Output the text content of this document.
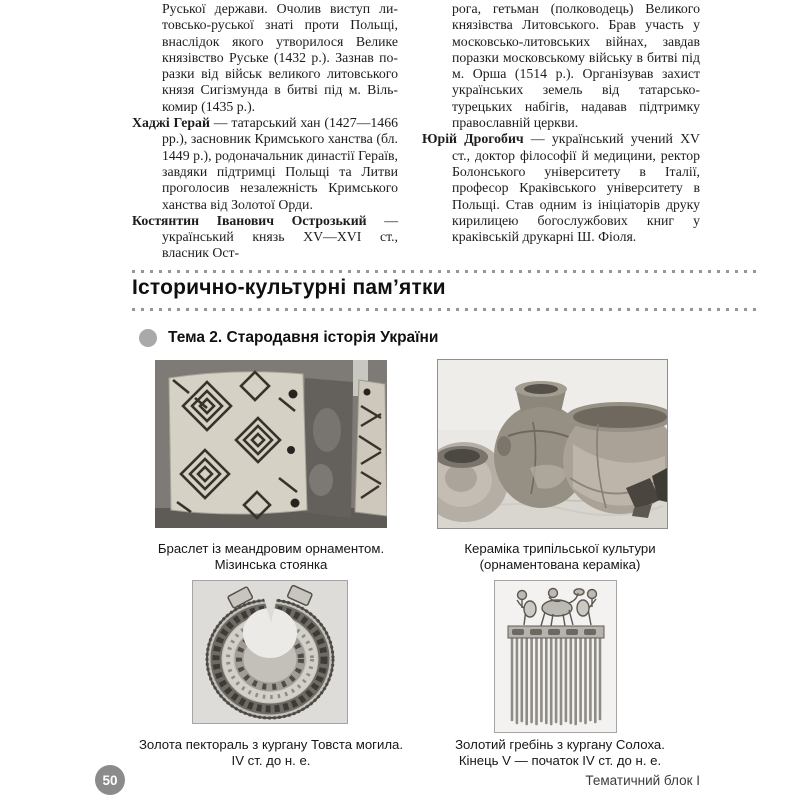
Руської держави. Очолив виступ литовсько-руської знаті проти Польщі, внаслідок якого утворилося Велике князівство Руське (1432 р.). Зазнав поразки від військ великого литовського князя Сигізмунда в битві під м. Вількомир (1435 р.).

Хаджі Герай — татарський хан (1427—1466 рр.), засновник Кримського ханства (бл. 1449 р.), родоначальник династії Гераїв, завдяки підтримці Польщі та Литви проголосив незалежність Кримського ханства від Золотої Орди.

Костянтин Іванович Острозький — український князь XV—XVI ст., власник Ост-

рога, гетьман (полководець) Великого князівства Литовського. Брав участь у московсько-литовських війнах, завдав поразки московському війську в битві під м. Орша (1514 р.). Організував захист українських земель від татарсько-турецьких набігів, надавав підтримку православній церкви.

Юрій Дрогобич — український учений XV ст., доктор філософії й медицини, ректор Болонського університету в Італії, професор Краківського університету в Польщі. Став одним із ініціаторів друку кирилицею богослужбових книг у краківській друкарні Ш. Фіоля.

Історично-культурні пам’ятки
Тема 2. Стародавня історія України
Браслет із меандровим орнаментом.
Мізинська стоянка
Кераміка трипільської культури
(орнаментована кераміка)
Золота пектораль з кургану Товста могила.
IV ст. до н. е.
Золотий гребінь з кургану Солоха.
Кінець V — початок IV ст. до н. е.
50	Тематичний блок І
